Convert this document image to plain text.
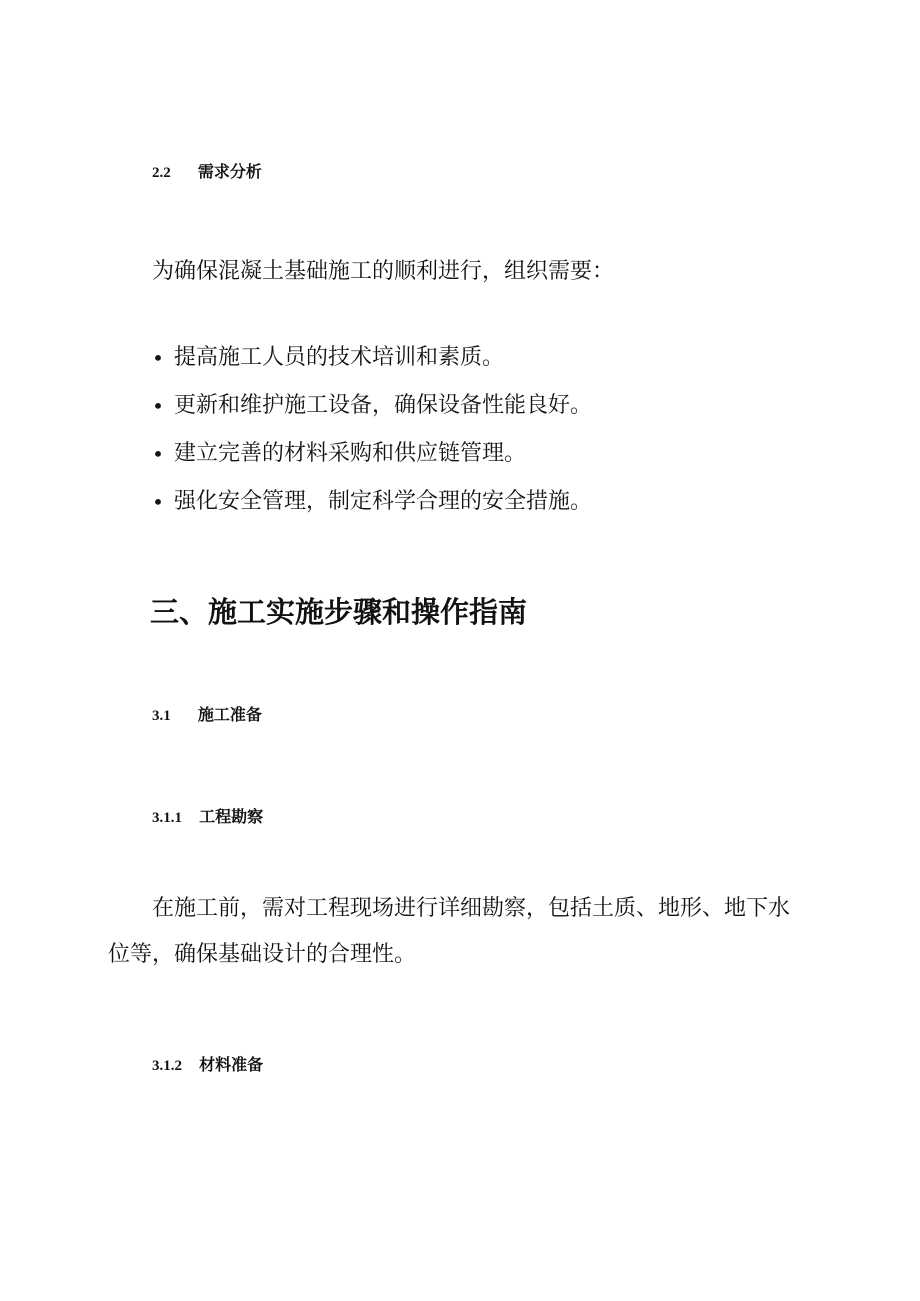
2.2 需求分析
为确保混凝土基础施工的顺利进行，组织需要：
• 提高施工人员的技术培训和素质。
• 更新和维护施工设备，确保设备性能良好。
• 建立完善的材料采购和供应链管理。
• 强化安全管理，制定科学合理的安全措施。
三、施工实施步骤和操作指南
3.1 施工准备
3.1.1 工程勘察
在施工前，需对工程现场进行详细勘察，包括土质、地形、地下水位等，确保基础设计的合理性。
3.1.2 材料准备
